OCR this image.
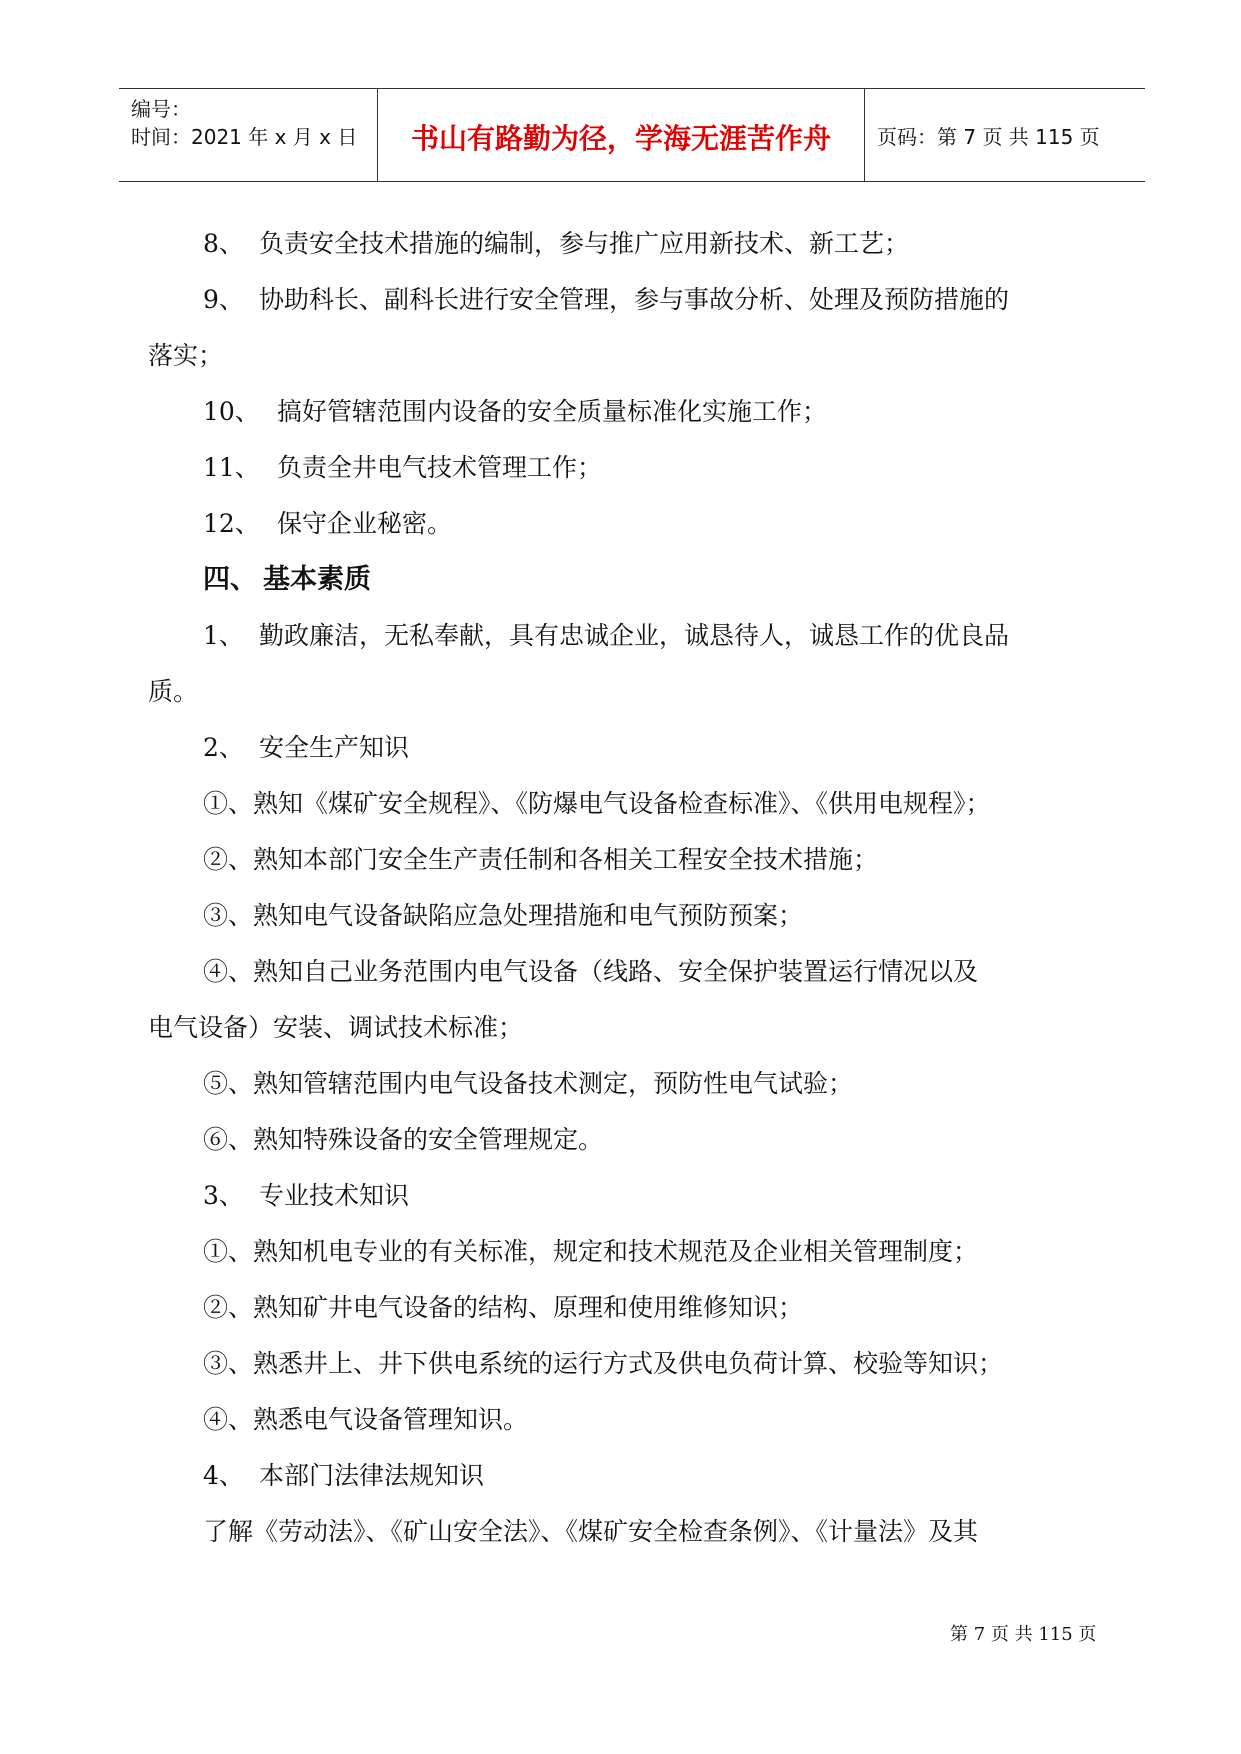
编号：
时间：2021 年 x 月 x 日 书山有路勤为径，学海无涯苦作舟 页码：第 7 页 共 115 页
8、 负责安全技术措施的编制，参与推广应用新技术、新工艺；
9、 协助科长、副科长进行安全管理，参与事故分析、处理及预防措施的
落实；
10、 搞好管辖范围内设备的安全质量标准化实施工作；
11、 负责全井电气技术管理工作；
12、 保守企业秘密。
四、 基本素质
1、 勤政廉洁，无私奉献，具有忠诚企业，诚恳待人，诚恳工作的优良品
质。
2、 安全生产知识
①、熟知《煤矿安全规程》、《防爆电气设备检查标准》、《供用电规程》；
②、熟知本部门安全生产责任制和各相关工程安全技术措施；
③、熟知电气设备缺陷应急处理措施和电气预防预案；
④、熟知自己业务范围内电气设备（线路、安全保护装置运行情况以及
电气设备）安装、调试技术标准；
⑤、熟知管辖范围内电气设备技术测定，预防性电气试验；
⑥、熟知特殊设备的安全管理规定。
3、 专业技术知识
①、熟知机电专业的有关标准，规定和技术规范及企业相关管理制度；
②、熟知矿井电气设备的结构、原理和使用维修知识；
③、熟悉井上、井下供电系统的运行方式及供电负荷计算、校验等知识；
④、熟悉电气设备管理知识。
4、 本部门法律法规知识
了解《劳动法》、《矿山安全法》、《煤矿安全检查条例》、《计量法》及其
第 7 页 共 115 页
